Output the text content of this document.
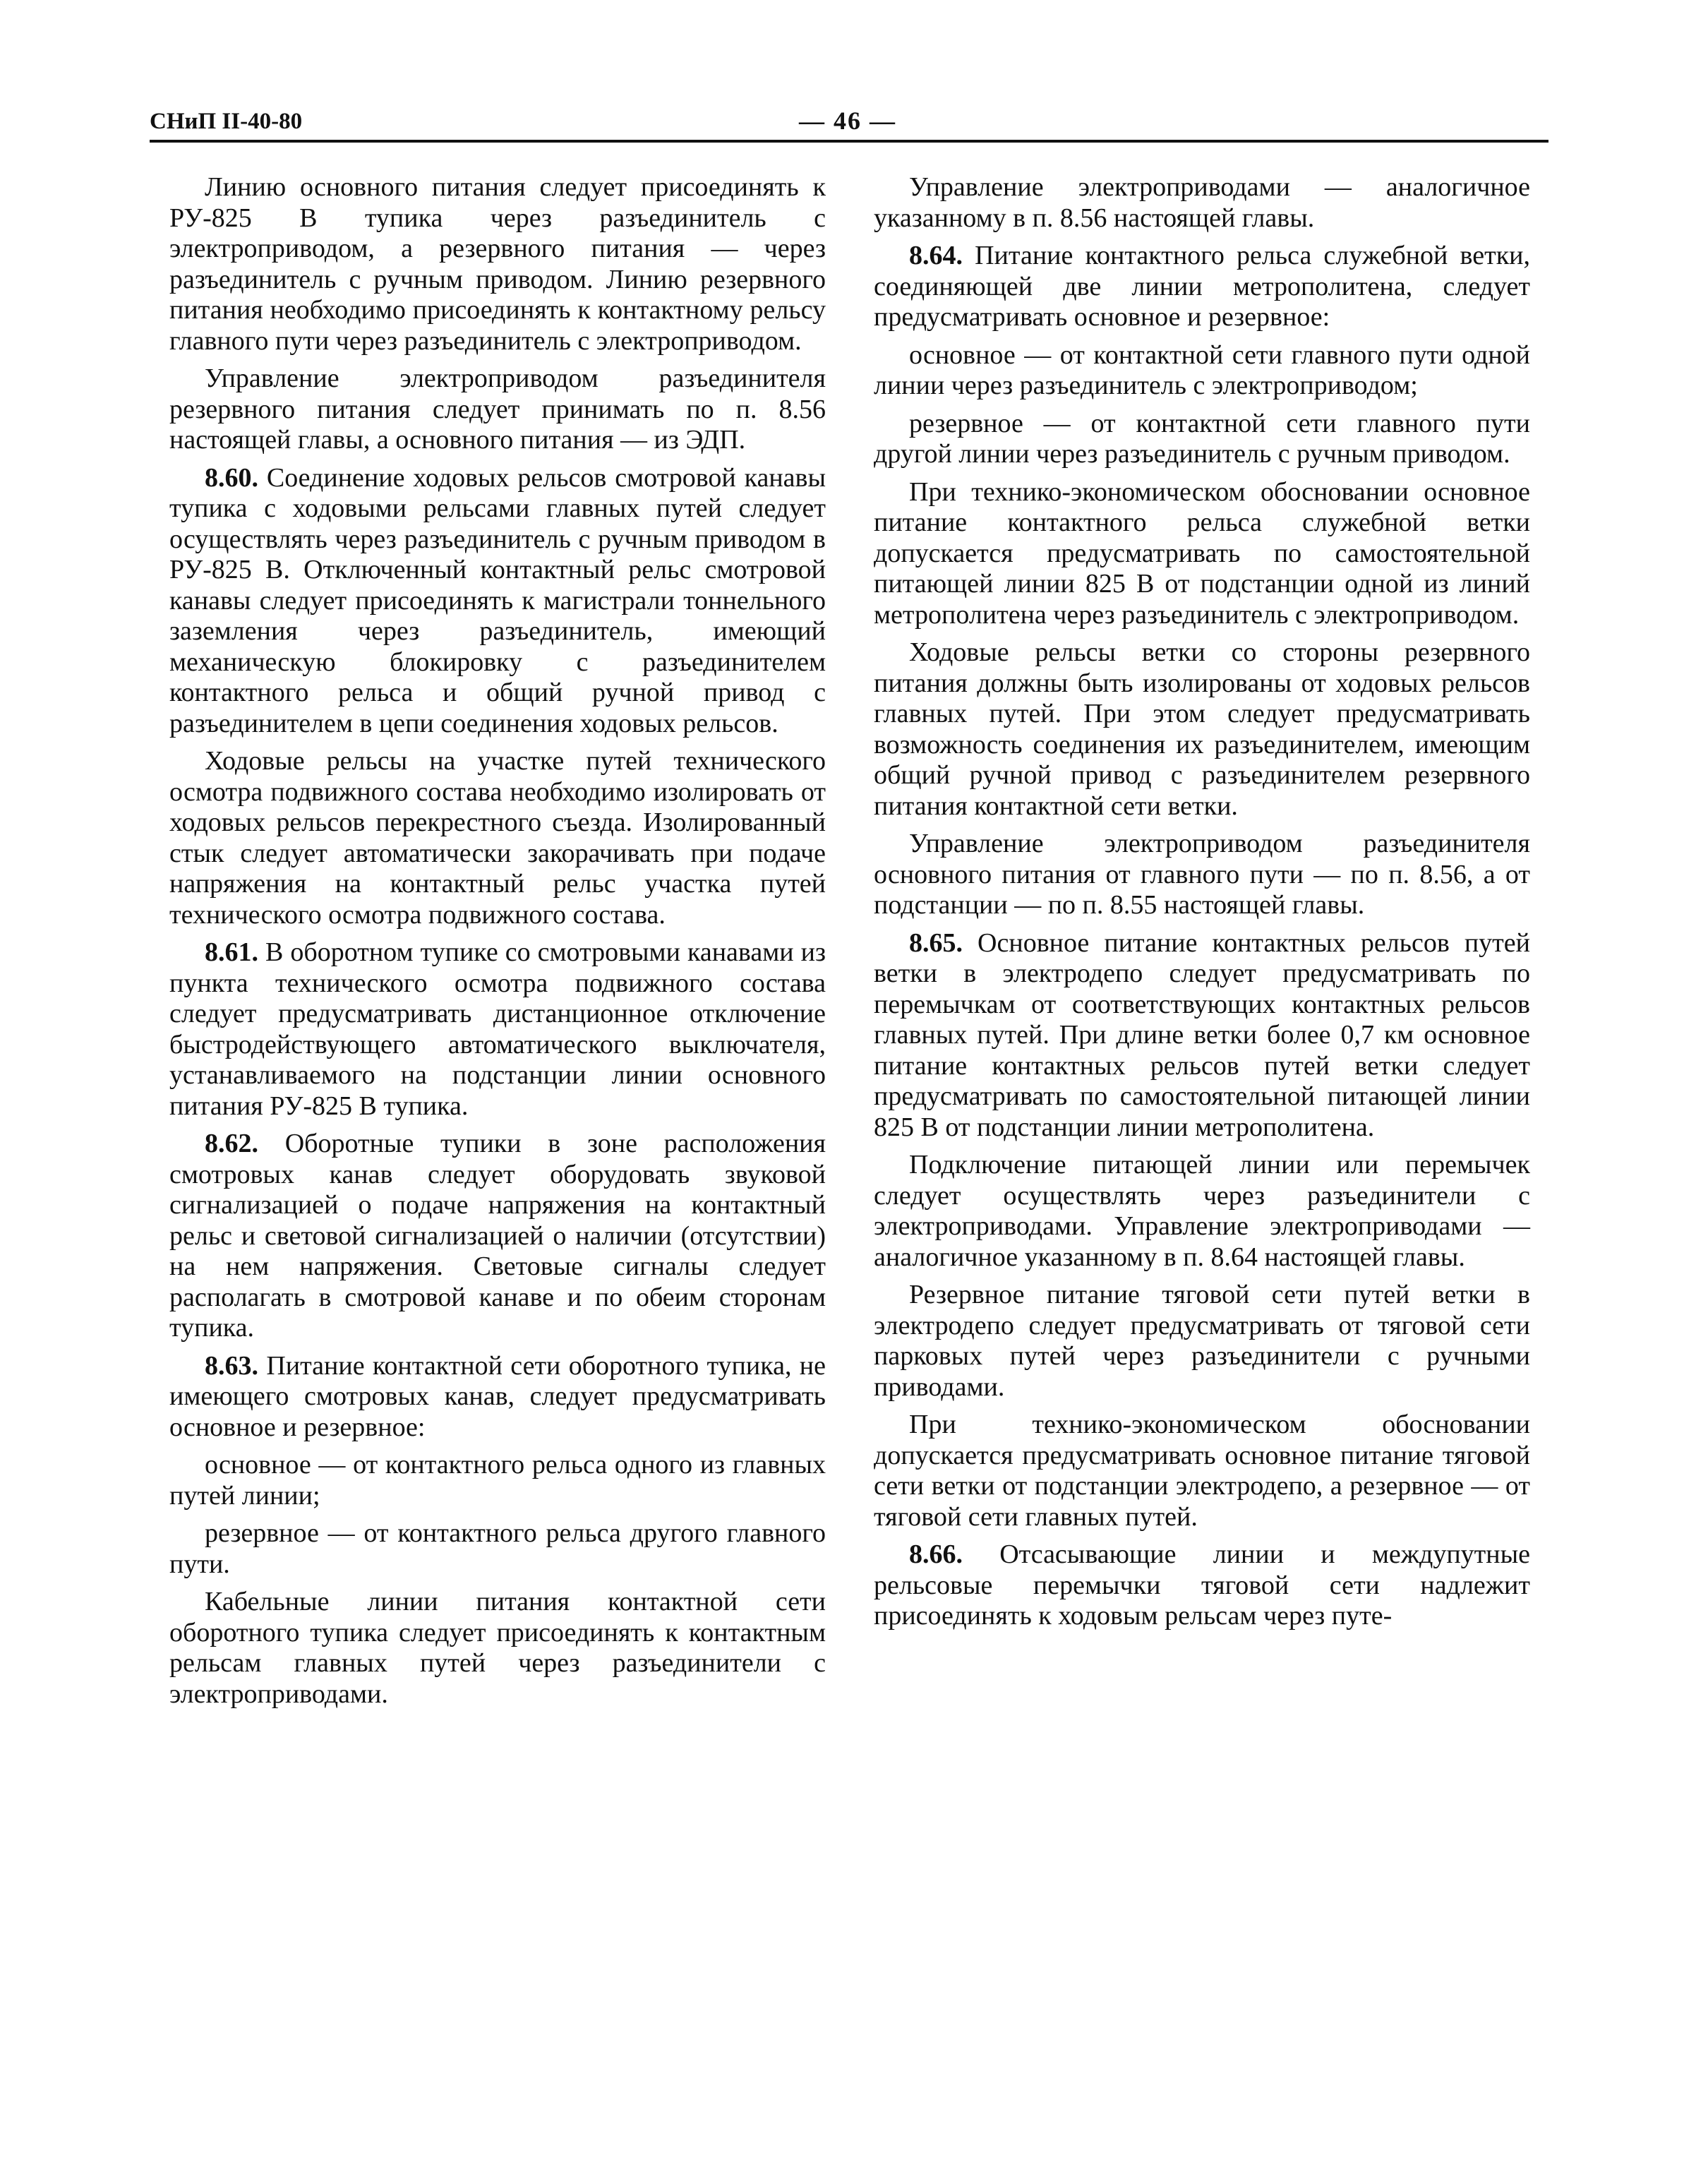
СНиП II-40-80	— 46 —

Линию основного питания следует присоединять к РУ-825 В тупика через разъединитель с электроприводом, а резервного питания — через разъединитель с ручным приводом. Линию резервного питания необходимо присоединять к контактному рельсу главного пути через разъединитель с электроприводом.

Управление электроприводом разъединителя резервного питания следует принимать по п. 8.56 настоящей главы, а основного питания — из ЭДП.

8.60. Соединение ходовых рельсов смотровой канавы тупика с ходовыми рельсами главных путей следует осуществлять через разъединитель с ручным приводом в РУ-825 В. Отключенный контактный рельс смотровой канавы следует присоединять к магистрали тоннельного заземления через разъединитель, имеющий механическую блокировку с разъединителем контактного рельса и общий ручной привод с разъединителем в цепи соединения ходовых рельсов.

Ходовые рельсы на участке путей технического осмотра подвижного состава необходимо изолировать от ходовых рельсов перекрестного съезда. Изолированный стык следует автоматически закорачивать при подаче напряжения на контактный рельс участка путей технического осмотра подвижного состава.

8.61. В оборотном тупике со смотровыми канавами из пункта технического осмотра подвижного состава следует предусматривать дистанционное отключение быстродействующего автоматического выключателя, устанавливаемого на подстанции линии основного питания РУ-825 В тупика.

8.62. Оборотные тупики в зоне расположения смотровых канав следует оборудовать звуковой сигнализацией о подаче напряжения на контактный рельс и световой сигнализацией о наличии (отсутствии) на нем напряжения. Световые сигналы следует располагать в смотровой канаве и по обеим сторонам тупика.

8.63. Питание контактной сети оборотного тупика, не имеющего смотровых канав, следует предусматривать основное и резервное:

основное — от контактного рельса одного из главных путей линии;

резервное — от контактного рельса другого главного пути.

Кабельные линии питания контактной сети оборотного тупика следует присоединять к контактным рельсам главных путей через разъединители с электроприводами.

Управление электроприводами — аналогичное указанному в п. 8.56 настоящей главы.

8.64. Питание контактного рельса служебной ветки, соединяющей две линии метрополитена, следует предусматривать основное и резервное:

основное — от контактной сети главного пути одной линии через разъединитель с электроприводом;

резервное — от контактной сети главного пути другой линии через разъединитель с ручным приводом.

При технико-экономическом обосновании основное питание контактного рельса служебной ветки допускается предусматривать по самостоятельной питающей линии 825 В от подстанции одной из линий метрополитена через разъединитель с электроприводом.

Ходовые рельсы ветки со стороны резервного питания должны быть изолированы от ходовых рельсов главных путей. При этом следует предусматривать возможность соединения их разъединителем, имеющим общий ручной привод с разъединителем резервного питания контактной сети ветки.

Управление электроприводом разъединителя основного питания от главного пути — по п. 8.56, а от подстанции — по п. 8.55 настоящей главы.

8.65. Основное питание контактных рельсов путей ветки в электродепо следует предусматривать по перемычкам от соответствующих контактных рельсов главных путей. При длине ветки более 0,7 км основное питание контактных рельсов путей ветки следует предусматривать по самостоятельной питающей линии 825 В от подстанции линии метрополитена.

Подключение питающей линии или перемычек следует осуществлять через разъединители с электроприводами. Управление электроприводами — аналогичное указанному в п. 8.64 настоящей главы.

Резервное питание тяговой сети путей ветки в электродепо следует предусматривать от тяговой сети парковых путей через разъединители с ручными приводами.

При технико-экономическом обосновании допускается предусматривать основное питание тяговой сети ветки от подстанции электродепо, а резервное — от тяговой сети главных путей.

8.66. Отсасывающие линии и междупутные рельсовые перемычки тяговой сети надлежит присоединять к ходовым рельсам через путе-
